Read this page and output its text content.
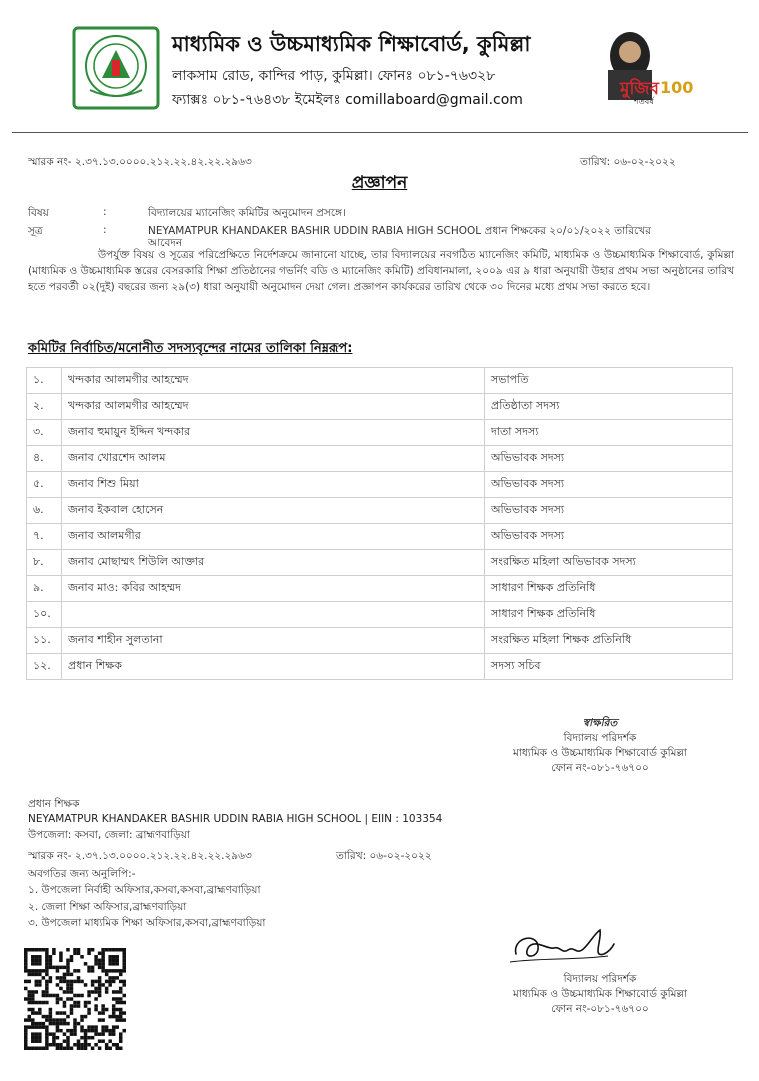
মাধ্যমিক ও উচ্চমাধ্যমিক শিক্ষাবোর্ড, কুমিল্লা
লাকসাম রোড, কান্দির পাড়, কুমিল্লা। ফোনঃ ০৮১-৭৬৩২৮
ফ্যাক্সঃ ০৮১-৭৬৪৩৮ ইমেইলঃ comillaboard@gmail.com
মুজিব
শতবর্ষ
100
স্মারক নং- ২.৩৭.১৩.০০০০.২১২.২২.৪২.২২.২৯৬৩	তারিখ: ০৬-০২-২০২২
প্রজ্ঞাপন
বিষয়	:	বিদ্যালয়ের ম্যানেজিং কমিটির অনুমোদন প্রসঙ্গে।
সূত্র	:	NEYAMATPUR KHANDAKER BASHIR UDDIN RABIA HIGH SCHOOL প্রধান শিক্ষকের ২০/০১/২০২২ তারিখের
আবেদন
উপর্যুক্ত বিষয় ও সূত্রের পরিপ্রেক্ষিতে নির্দেশক্রমে জানানো যাচ্ছে, তার বিদ্যালয়ের নবগঠিত ম্যানেজিং কমিটি, মাধ্যমিক ও উচ্চমাধ্যমিক শিক্ষাবোর্ড, কুমিল্লা (মাধ্যমিক ও উচ্চমাধ্যমিক স্তরের বেসরকারি শিক্ষা প্রতিষ্ঠানের গভর্নিং বডি ও ম্যানেজিং কমিটি) প্রবিধানমালা, ২০০৯ এর ৯ ধারা অনুযায়ী উহার প্রথম সভা অনুষ্ঠানের তারিখ হতে পরবর্তী ০২(দুই) বছরের জন্য ২৯(৩) ধারা অনুযায়ী অনুমোদন দেয়া গেল। প্রজ্ঞাপন কার্যকরের তারিখ থেকে ৩০ দিনের মধ্যে প্রথম সভা করতে হবে।
কমিটির নির্বাচিত/মনোনীত সদস্যবৃন্দের নামের তালিকা নিম্নরূপ:
১.	খন্দকার আলমগীর আহম্মেদ	সভাপতি
২.	খন্দকার আলমগীর আহম্মেদ	প্রতিষ্ঠাতা সদস্য
৩.	জনাব হুমায়ুন ইদ্দিন খন্দকার	দাতা সদস্য
৪.	জনাব খোরশেদ আলম	অভিভাবক সদস্য
৫.	জনাব শিশু মিয়া	অভিভাবক সদস্য
৬.	জনাব ইকবাল হোসেন	অভিভাবক সদস্য
৭.	জনাব আলমগীর	অভিভাবক সদস্য
৮.	জনাব মোছাম্মৎ শিউলি আক্তার	সংরক্ষিত মহিলা অভিভাবক সদস্য
৯.	জনাব মাও: কবির আহম্মদ	সাধারণ শিক্ষক প্রতিনিধি
১০.		সাধারণ শিক্ষক প্রতিনিধি
১১.	জনাব শাহীন সুলতানা	সংরক্ষিত মহিলা শিক্ষক প্রতিনিধি
১২.	প্রধান শিক্ষক	সদস্য সচিব
স্বাক্ষরিত
বিদ্যালয় পরিদর্শক
মাধ্যমিক ও উচ্চমাধ্যমিক শিক্ষাবোর্ড কুমিল্লা
ফোন নং-০৮১-৭৬৭০০
প্রধান শিক্ষক
NEYAMATPUR KHANDAKER BASHIR UDDIN RABIA HIGH SCHOOL | EIIN : 103354
উপজেলা: কসবা, জেলা: ব্রাহ্মণবাড়িয়া
স্মারক নং- ২.৩৭.১৩.০০০০.২১২.২২.৪২.২২.২৯৬৩	তারিখ: ০৬-০২-২০২২
অবগতির জন্য অনুলিপি:-
১. উপজেলা নির্বাহী অফিসার,কসবা,কসবা,ব্রাহ্মণবাড়িয়া
২. জেলা শিক্ষা অফিসার,ব্রাহ্মণবাড়িয়া
৩. উপজেলা মাধ্যমিক শিক্ষা অফিসার,কসবা,ব্রাহ্মণবাড়িয়া
বিদ্যালয় পরিদর্শক
মাধ্যমিক ও উচ্চমাধ্যমিক শিক্ষাবোর্ড কুমিল্লা
ফোন নং-০৮১-৭৬৭০০
